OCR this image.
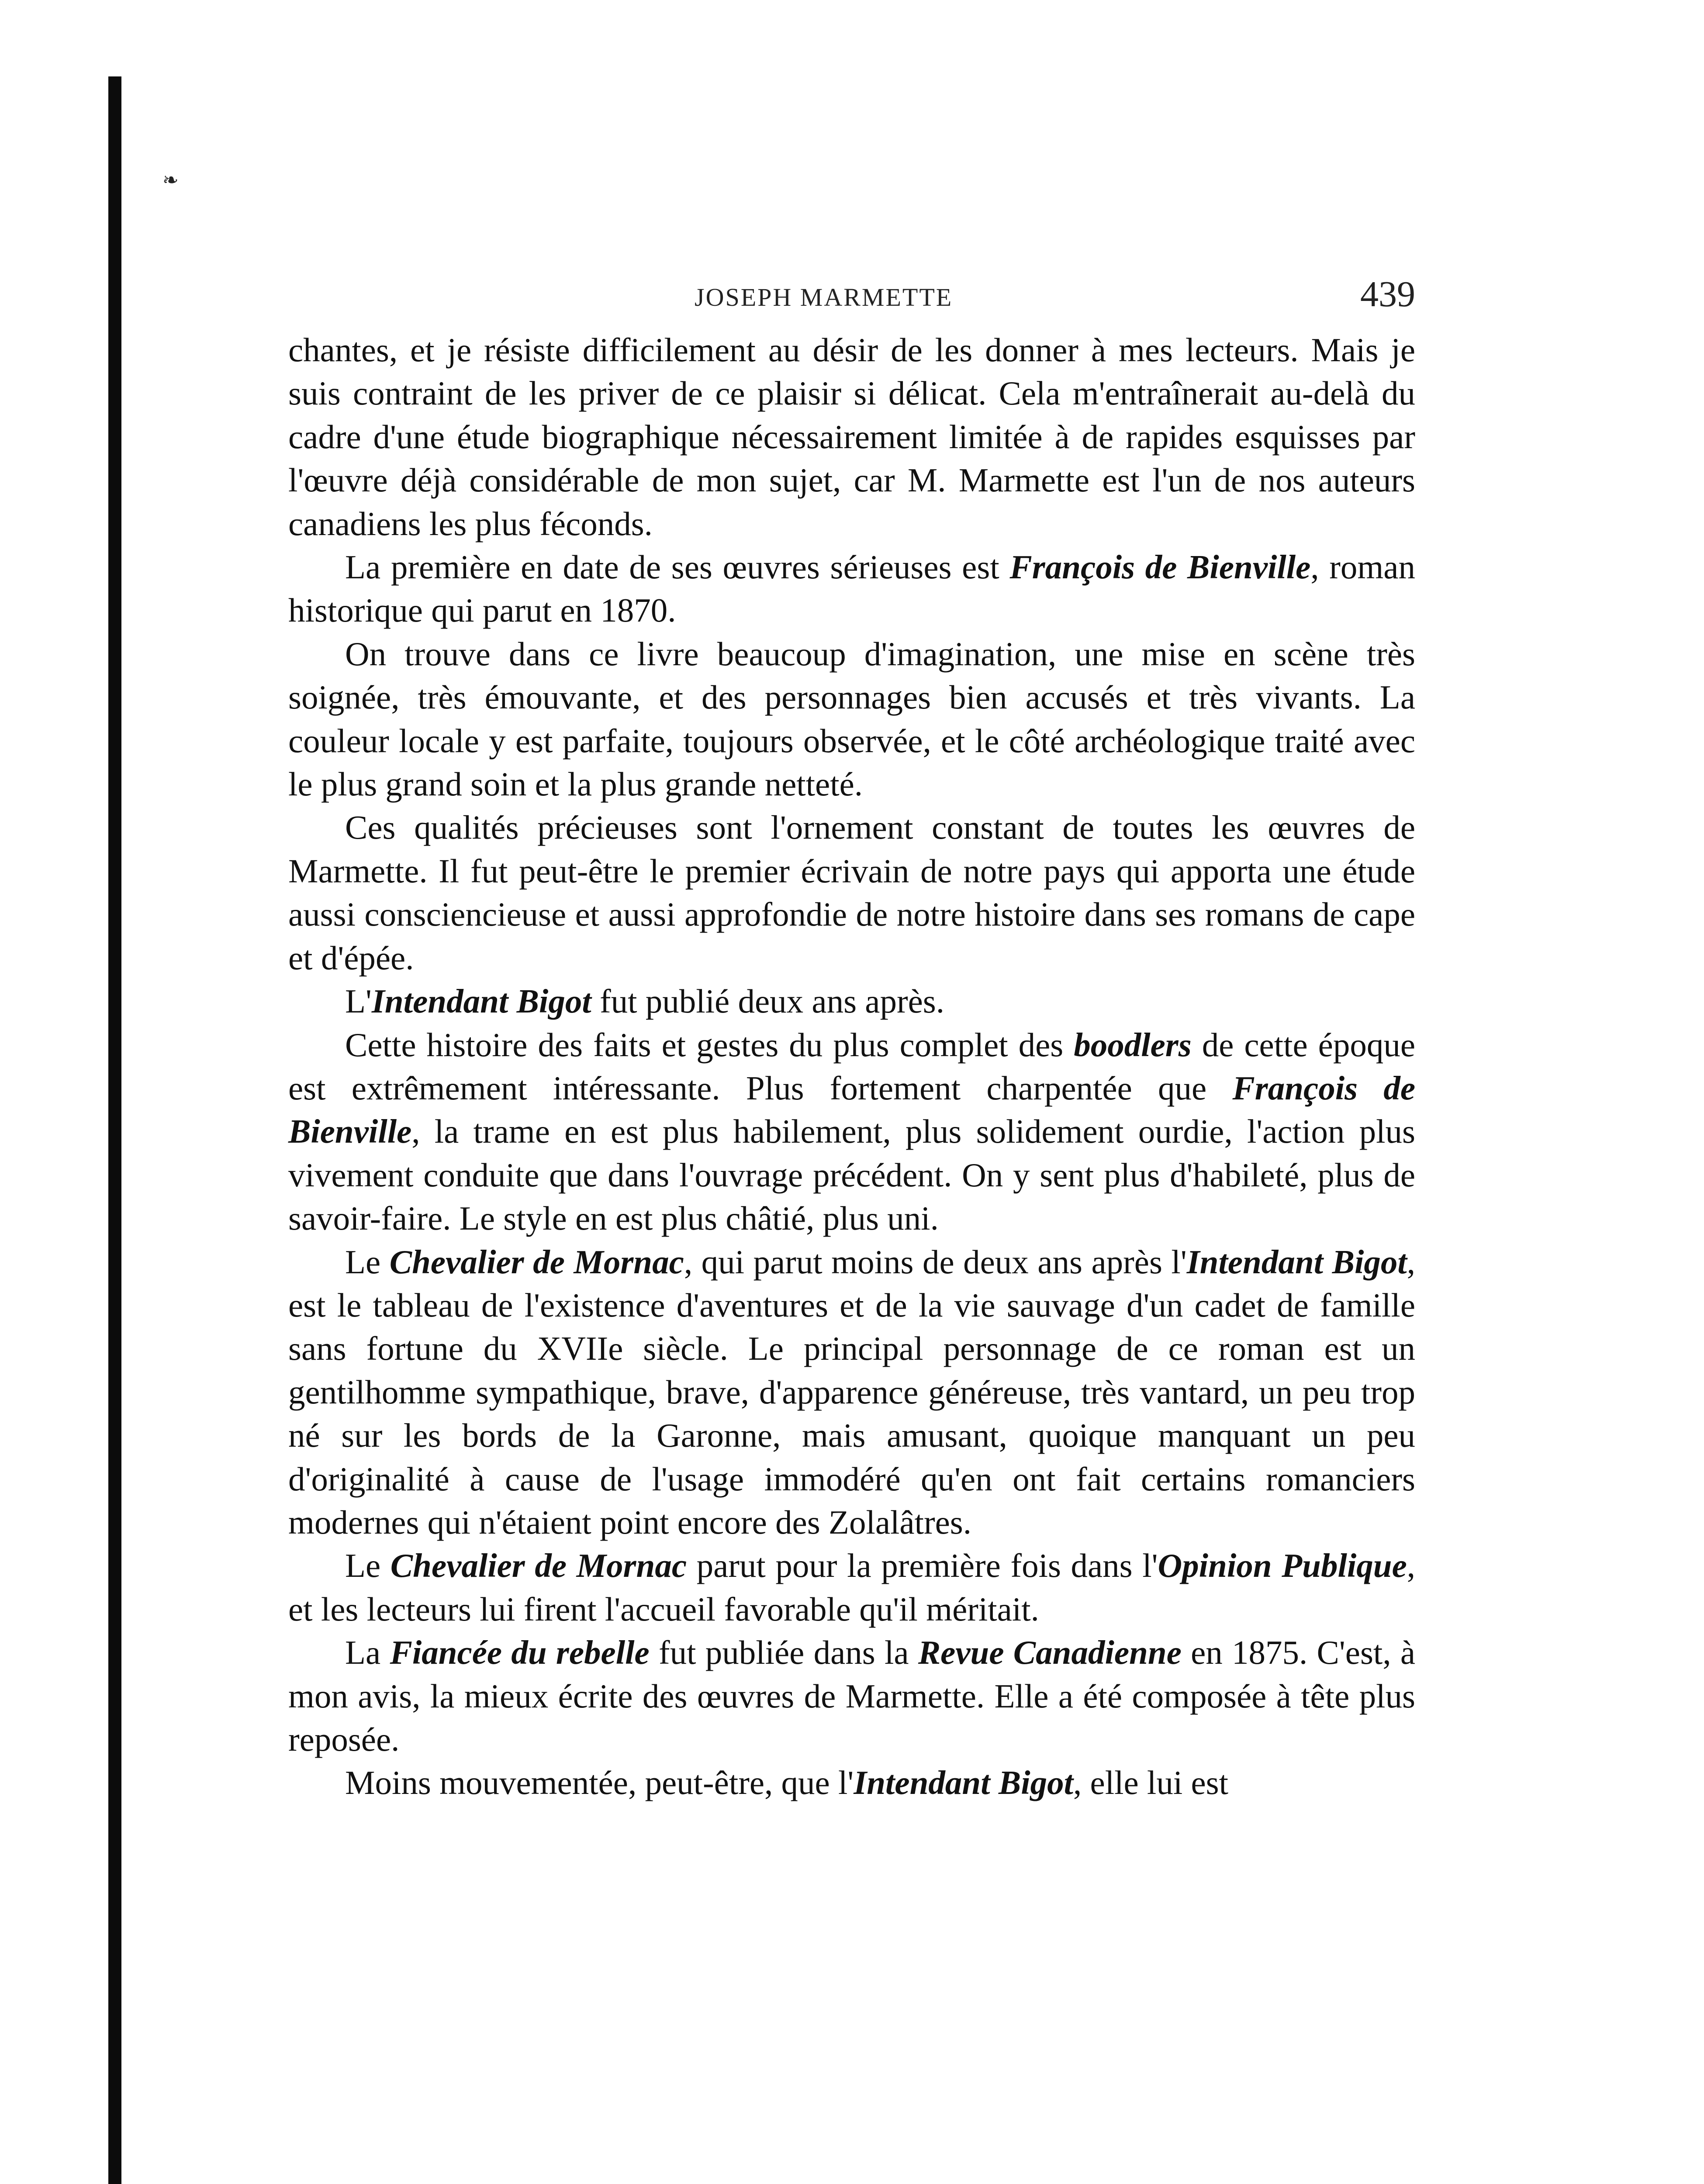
❧
JOSEPH MARMETTE	439

chantes, et je résiste difficilement au désir de les donner à mes lecteurs. Mais je suis contraint de les priver de ce plaisir si délicat. Cela m'entraînerait au-delà du cadre d'une étude biographique nécessairement limitée à de rapides esquisses par l'œuvre déjà considérable de mon sujet, car M. Marmette est l'un de nos auteurs canadiens les plus féconds.

La première en date de ses œuvres sérieuses est François de Bienville, roman historique qui parut en 1870.

On trouve dans ce livre beaucoup d'imagination, une mise en scène très soignée, très émouvante, et des personnages bien accusés et très vivants. La couleur locale y est parfaite, toujours observée, et le côté archéologique traité avec le plus grand soin et la plus grande netteté.

Ces qualités précieuses sont l'ornement constant de toutes les œuvres de Marmette. Il fut peut-être le premier écrivain de notre pays qui apporta une étude aussi consciencieuse et aussi approfondie de notre histoire dans ses romans de cape et d'épée.

L'Intendant Bigot fut publié deux ans après.

Cette histoire des faits et gestes du plus complet des boodlers de cette époque est extrêmement intéressante. Plus fortement charpentée que François de Bienville, la trame en est plus habilement, plus solidement ourdie, l'action plus vivement conduite que dans l'ouvrage précédent. On y sent plus d'habileté, plus de savoir-faire. Le style en est plus châtié, plus uni.

Le Chevalier de Mornac, qui parut moins de deux ans après l'Intendant Bigot, est le tableau de l'existence d'aventures et de la vie sauvage d'un cadet de famille sans fortune du XVIIe siècle. Le principal personnage de ce roman est un gentilhomme sympathique, brave, d'apparence généreuse, très vantard, un peu trop né sur les bords de la Garonne, mais amusant, quoique manquant un peu d'originalité à cause de l'usage immodéré qu'en ont fait certains romanciers modernes qui n'étaient point encore des Zolalâtres.

Le Chevalier de Mornac parut pour la première fois dans l'Opinion Publique, et les lecteurs lui firent l'accueil favorable qu'il méritait.

La Fiancée du rebelle fut publiée dans la Revue Canadienne en 1875. C'est, à mon avis, la mieux écrite des œuvres de Marmette. Elle a été composée à tête plus reposée.

Moins mouvementée, peut-être, que l'Intendant Bigot, elle lui est
